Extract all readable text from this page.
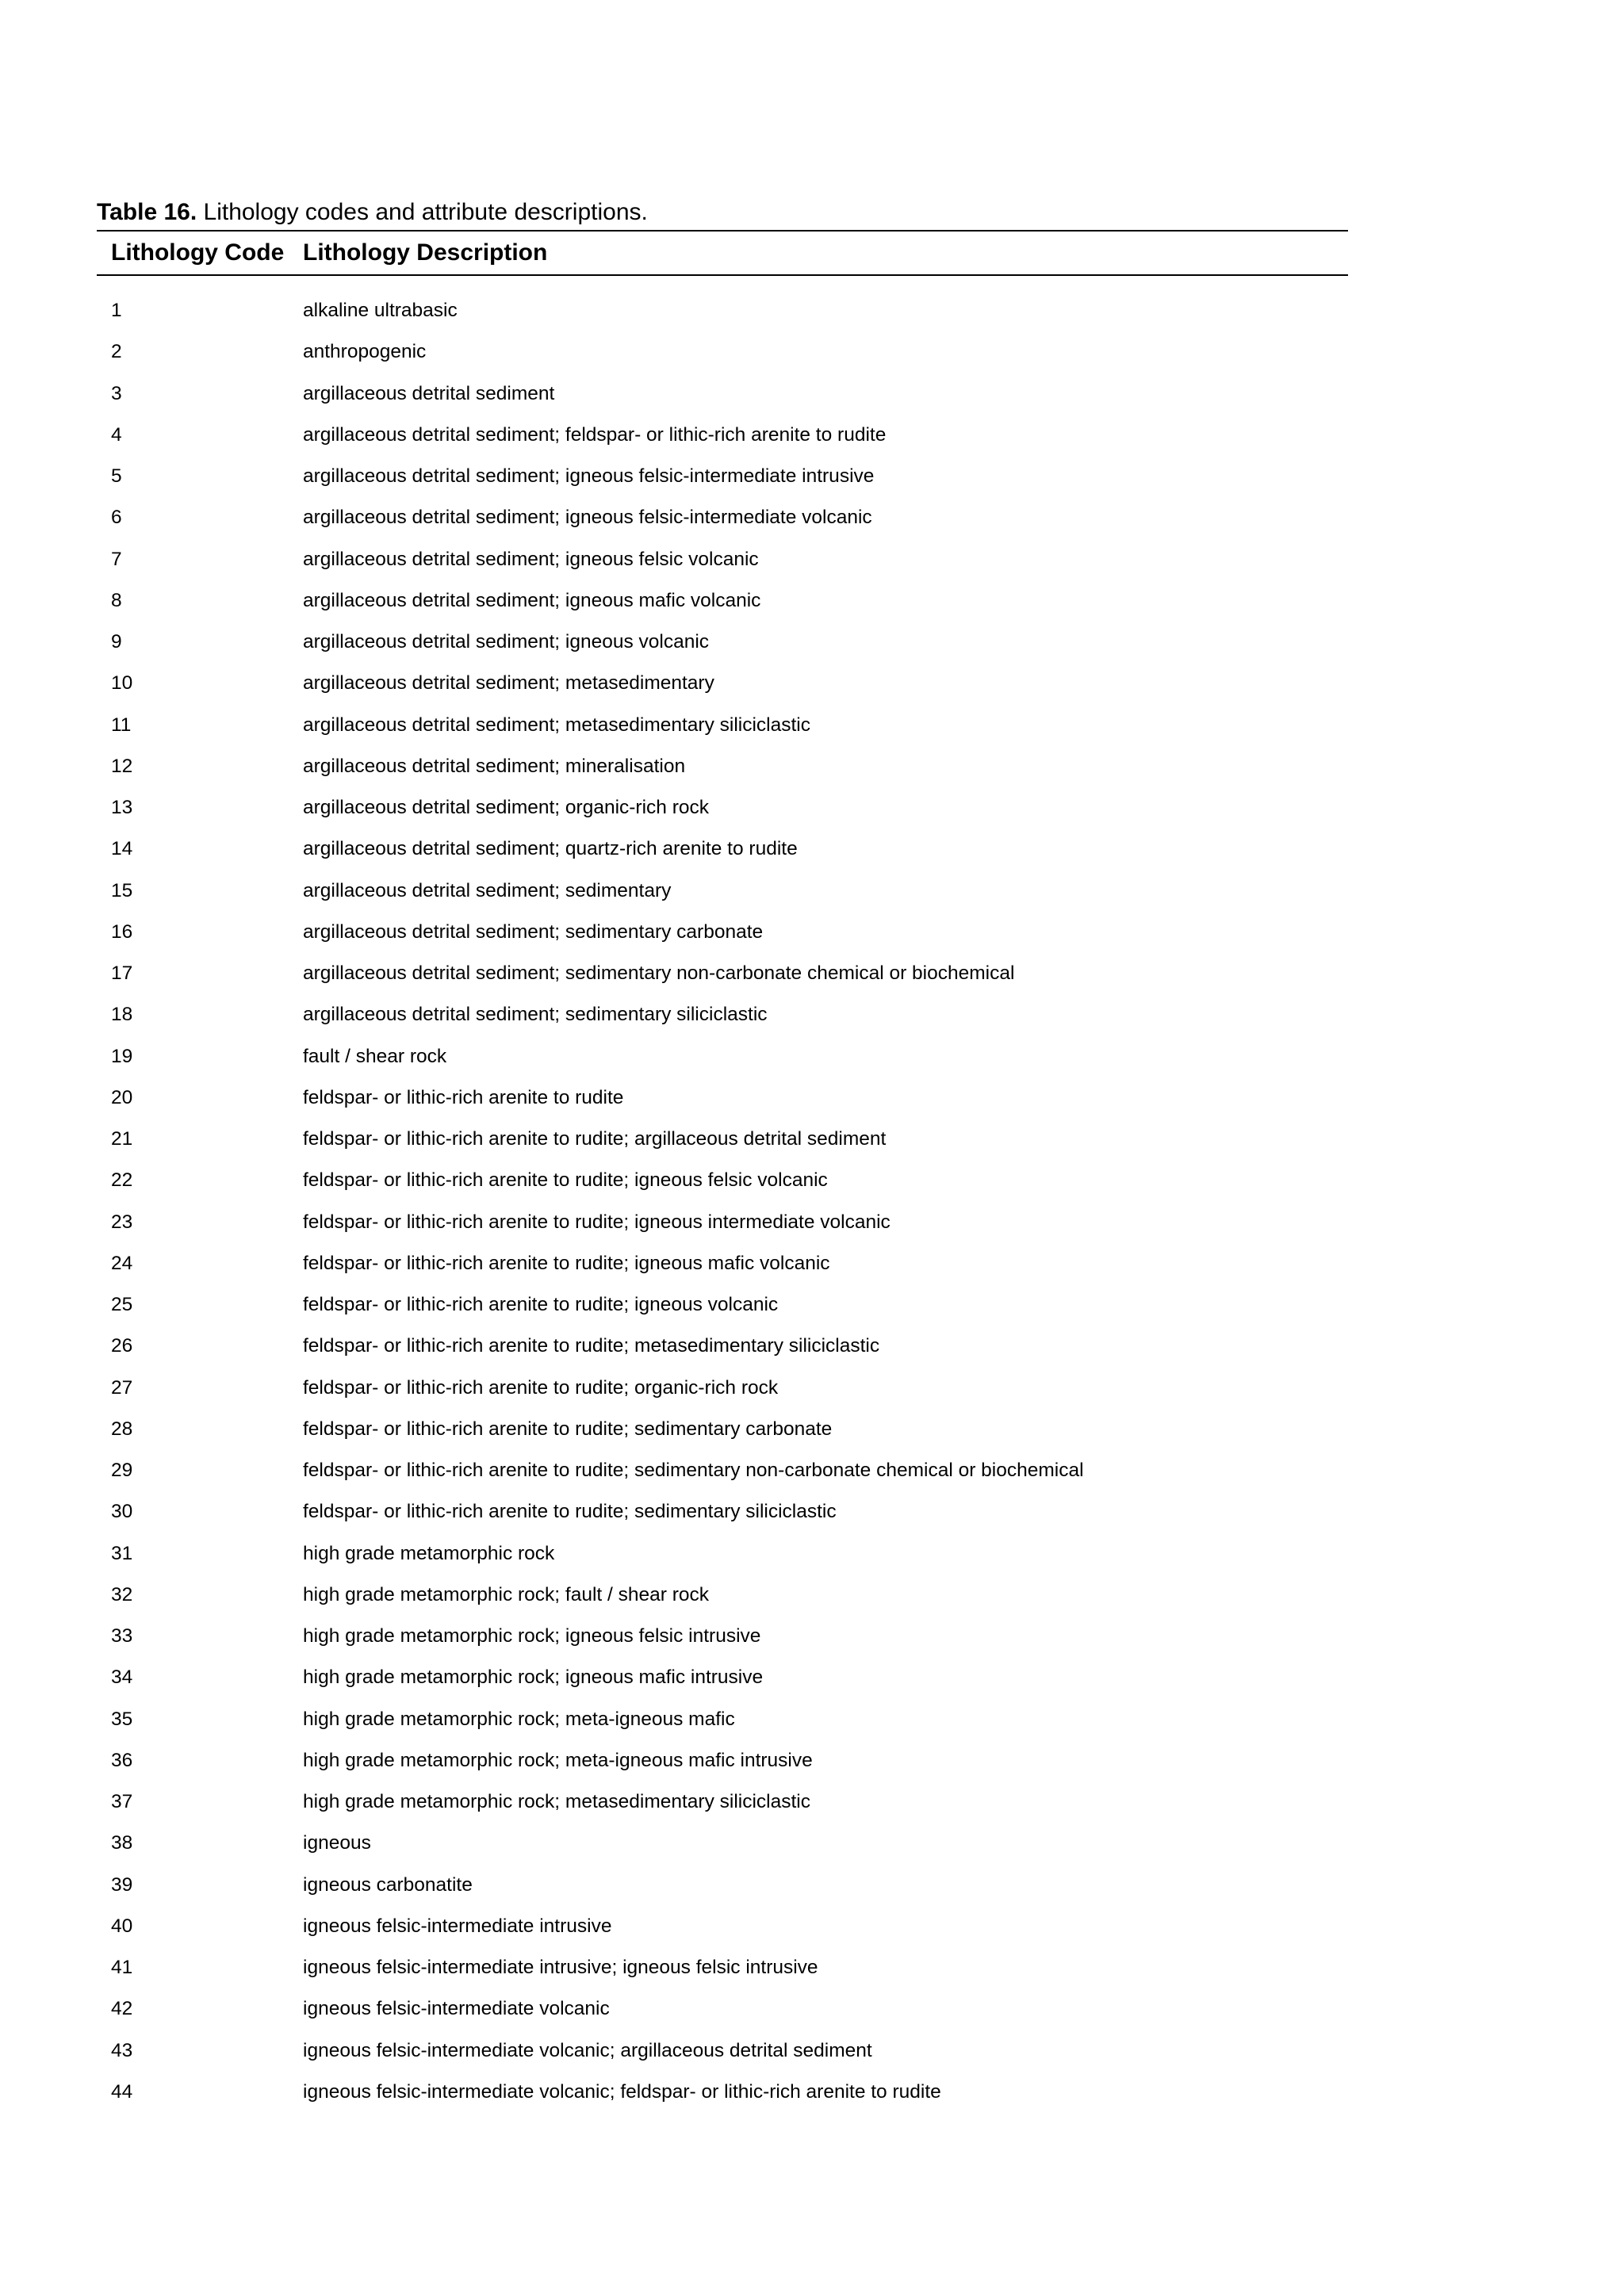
Table 16. Lithology codes and attribute descriptions.
Lithology Code Lithology Description
1	alkaline ultrabasic
2	anthropogenic
3	argillaceous detrital sediment
4	argillaceous detrital sediment; feldspar- or lithic-rich arenite to rudite
5	argillaceous detrital sediment; igneous felsic-intermediate intrusive
6	argillaceous detrital sediment; igneous felsic-intermediate volcanic
7	argillaceous detrital sediment; igneous felsic volcanic
8	argillaceous detrital sediment; igneous mafic volcanic
9	argillaceous detrital sediment; igneous volcanic
10	argillaceous detrital sediment; metasedimentary
11	argillaceous detrital sediment; metasedimentary siliciclastic
12	argillaceous detrital sediment; mineralisation
13	argillaceous detrital sediment; organic-rich rock
14	argillaceous detrital sediment; quartz-rich arenite to rudite
15	argillaceous detrital sediment; sedimentary
16	argillaceous detrital sediment; sedimentary carbonate
17	argillaceous detrital sediment; sedimentary non-carbonate chemical or biochemical
18	argillaceous detrital sediment; sedimentary siliciclastic
19	fault / shear rock
20	feldspar- or lithic-rich arenite to rudite
21	feldspar- or lithic-rich arenite to rudite; argillaceous detrital sediment
22	feldspar- or lithic-rich arenite to rudite; igneous felsic volcanic
23	feldspar- or lithic-rich arenite to rudite; igneous intermediate volcanic
24	feldspar- or lithic-rich arenite to rudite; igneous mafic volcanic
25	feldspar- or lithic-rich arenite to rudite; igneous volcanic
26	feldspar- or lithic-rich arenite to rudite; metasedimentary siliciclastic
27	feldspar- or lithic-rich arenite to rudite; organic-rich rock
28	feldspar- or lithic-rich arenite to rudite; sedimentary carbonate
29	feldspar- or lithic-rich arenite to rudite; sedimentary non-carbonate chemical or biochemical
30	feldspar- or lithic-rich arenite to rudite; sedimentary siliciclastic
31	high grade metamorphic rock
32	high grade metamorphic rock; fault / shear rock
33	high grade metamorphic rock; igneous felsic intrusive
34	high grade metamorphic rock; igneous mafic intrusive
35	high grade metamorphic rock; meta-igneous mafic
36	high grade metamorphic rock; meta-igneous mafic intrusive
37	high grade metamorphic rock; metasedimentary siliciclastic
38	igneous
39	igneous carbonatite
40	igneous felsic-intermediate intrusive
41	igneous felsic-intermediate intrusive; igneous felsic intrusive
42	igneous felsic-intermediate volcanic
43	igneous felsic-intermediate volcanic; argillaceous detrital sediment
44	igneous felsic-intermediate volcanic; feldspar- or lithic-rich arenite to rudite
